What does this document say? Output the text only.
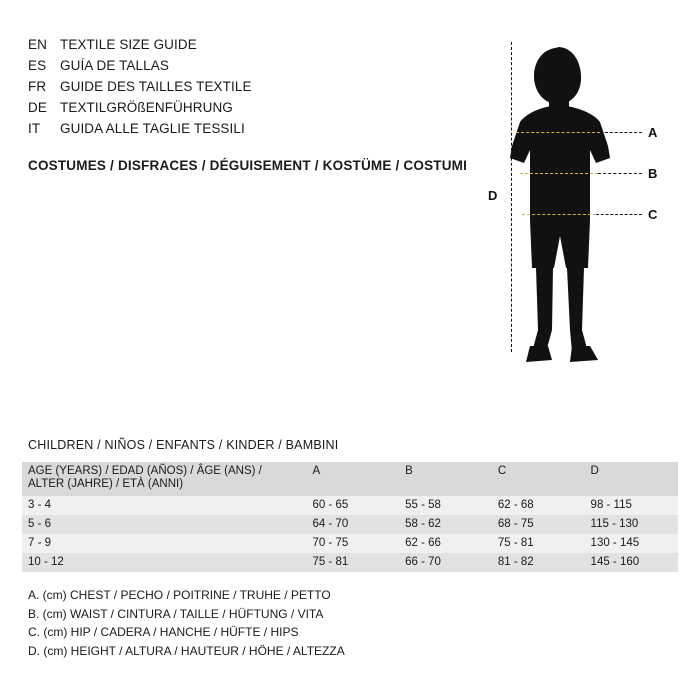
EN TEXTILE SIZE GUIDE
ES	GUÍA DE TALLAS
FR	GUIDE DES TAILLES TEXTILE
DE TEXTILGRÖßENFÜHRUNG
IT	GUIDA ALLE TAGLIE TESSILI
COSTUMES / DISFRACES / DÉGUISEMENT / KOSTÜME / COSTUMI
D
A
B
C
CHILDREN / NIÑOS / ENFANTS / KINDER / BAMBINI
AGE (YEARS) / EDAD (AÑOS) / ÂGE (ANS) / ALTER (JAHRE) / ETÀ (ANNI)	A	B	C	D
3 - 4	60 - 65	55 - 58	62 - 68	98 - 115
5 - 6	64 - 70	58 - 62	68 - 75	115 - 130
7 - 9	70 - 75	62 - 66	75 - 81	130 - 145
10 - 12	75 - 81	66 - 70	81 - 82	145 - 160
A. (cm) CHEST / PECHO / POITRINE / TRUHE / PETTO
B. (cm) WAIST / CINTURA / TAILLE / HÜFTUNG / VITA
C. (cm) HIP / CADERA / HANCHE / HÜFTE / HIPS
D. (cm) HEIGHT / ALTURA / HAUTEUR / HÖHE / ALTEZZA
